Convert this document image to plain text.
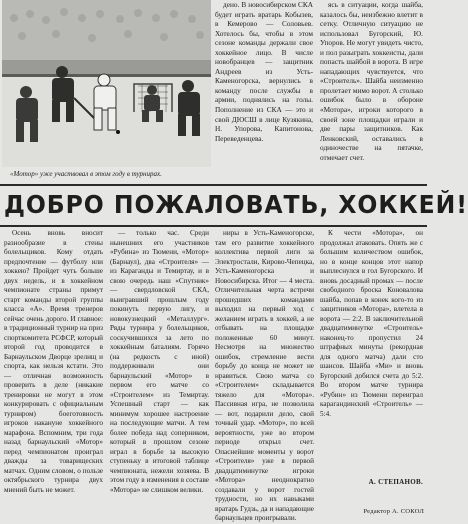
«Мотор» уже участвовал в этом году в турнирах.

дено. В новосибирском СКА будет играть вратарь Кобызев, в Кемерово — Соловьев. Хотелось бы, чтобы в этом сезоне команды держали свое хоккейное лицо. В числе новобранцев — защитник Андреев из Усть-Каменогорска, вернулись в команду после службы в армии, поднялись на голы. Пополнение из СКА — это и свой ДЮСШ в лице Кузякина, Н. Упорова, Капитонова, Переведенцева.

ясь в ситуации, когда шайба, казалось бы, неизбежно влетит в сетку. Отличную ситуацию не использовал Бугорский, Ю. Упоров. Не могут увидеть чисто, и пол разыграть хоккеисты, дали попасть шайбой в ворота. В игре нападающих чувствуется, что «Строитель». Шайба неизменно пролетает мимо ворот. А столько ошибок было в обороне «Мотора», игроки которого в своей зоне площадки играли и две пары защитников. Как Ленковский, оставались в одиночестве на пятачке, отмечает счет.

ДОБРО ПОЖАЛОВАТЬ, ХОККЕЙ!

Осень вновь вносит разнообразие в стены болельщиков. Кому отдать предпочтение — футболу или хоккею? Пройдет чуть больше двух недель, и в хоккейном чемпионате страны примут старт команды второй группы класса «А». Время тренеров сейчас очень дорого. И главное: в традиционный турнир на приз спорткомитета РСФСР, который второй год проводится в Барнаульском Дворце зрелищ и спорта, как нельзя кстати. Это — отличная возможность проверить в деле (никакие тренировки не могут в этом конкурировать с официальным турниром) боеготовность игроков накануне хоккейного марафона. Вспомним, три года назад барнаульский «Мотор» перед чемпионатом проиграл дважды за товарищеских матчах. Одним словом, о пользе октябрьского турнира двух мнений быть не может.

— только час. Среди нынешних его участников «Рубина» из Тюмени, «Мотор» (Барнаул), два «Строителя» — из Караганды и Темиртау, и в свою очередь наш «Спутник» — свердловской СКА, выигравший прошлым году покинуть первую лигу, и новокузнецкий «Металлург». Ряды турнира у болельщиков, соскучившихся за лето по хоккейным баталиям. Горячо (на редкость с иной) поддерживали они барнаульский «Мотор» в первом его матче со «Строителем» из Темиртау. Успешный старт — как минимум хорошее настроение на последующие матчи. А тем более победа над соперником, который в прошлом сезоне играл в борьбе за высокую ступеньку в итоговой таблице чемпионата, нежели хозяева. В этом году в изменения в составе «Мотора» не слишком велики.

ниры в Усть-Каменогорске, там его развитие хоккейного коллектива первой лиги за Электростали, Кирово-Чепецка, Усть-Каменогорска и Новосибирска. Итог — 4 места. Отличительная черта встречи прошедших командами выходил на первый ход с желанием играть в хоккей, а не отбывать на площадке положенные 60 минут. Несмотря на множество ошибок, стремление вести борьбу до конца не может не нравиться. Свою матча со «Строителем» складывается тяжело для «Мотора». Пассивная игра, не позволила — вот, подарили дело, свой точный удар. «Мотор», по всей вероятности, уже во втором периоде открыл счет. Опаснейшие моменты у ворот «Строителя» уже в первой двадцатиминутке игроки «Мотора» неоднократно создавали у ворот гостей трудности, но их навыками вратарь Гудзь, да и нападающие барнаульцев проигрывали.

К чести «Мотора», он продолжал атаковать. Опять же с большим количеством ошибок, но в конце концов этот напор выплеснулся в гол Бугорского. И вновь досадный промах — после свободного броска Коновалова шайба, попав в конек кого-то из защитников «Мотора», влетела в ворота — 2:2. В заключительной двадцатиминутке «Строитель» наконец-то пропустил 24 штрафных минуты (рекордная для одного матча) дали сто шансов. Шайба «Ми» и вновь Бугорский добился счета до 5:2. Во втором матче турнира «Рубин» из Тюмени переиграл карагандинский «Строитель» — 5:4.

А. СТЕПАНОВ.
Редактор А. СОКОЛ
